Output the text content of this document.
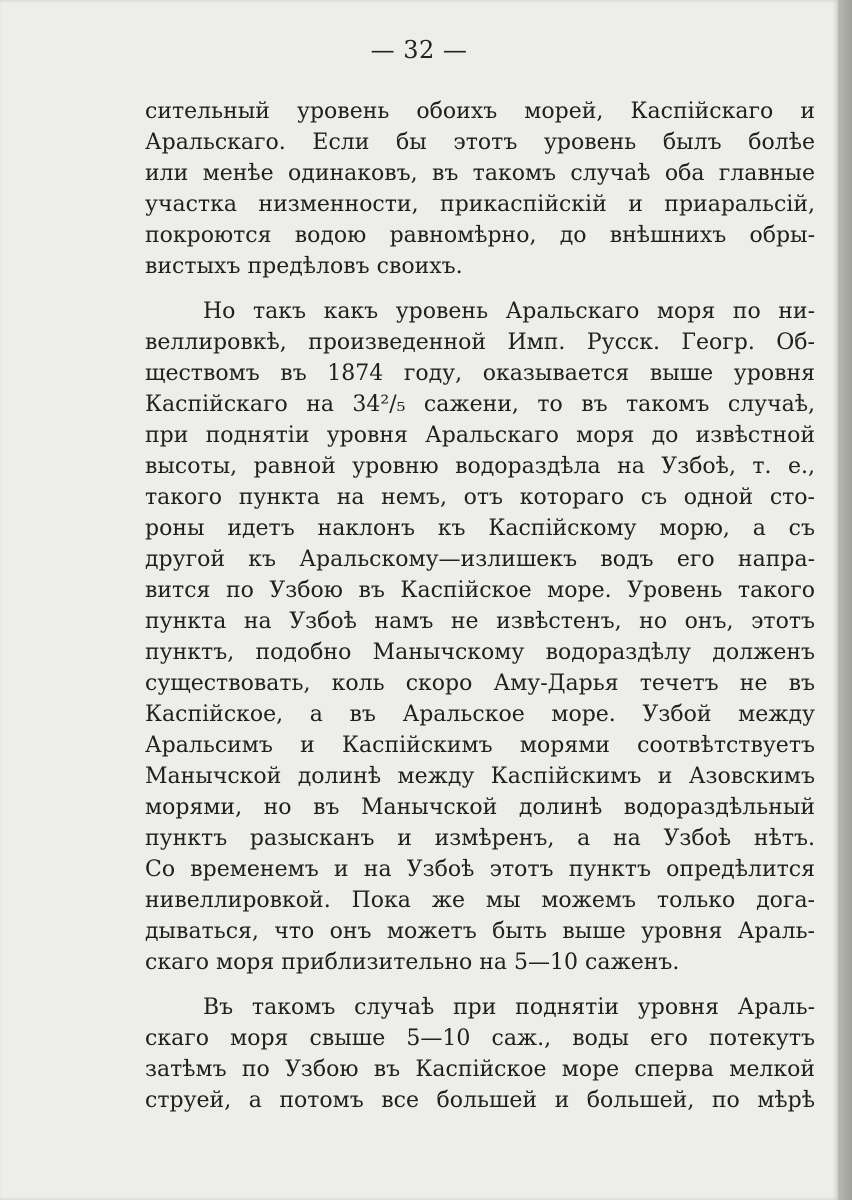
— 32 —
сительный уровень обоихъ морей, Каспійскаго и
Аральскаго. Если бы этотъ уровень былъ болѣе
или менѣе одинаковъ, въ такомъ случаѣ оба главные
участка низменности, прикаспійскій и приаральсій,
покроются водою равномѣрно, до внѣшнихъ обры-
вистыхъ предѣловъ своихъ.
Но такъ какъ уровень Аральскаго моря по ни-
веллировкѣ, произведенной Имп. Русск. Геогр. Об-
ществомъ въ 1874 году, оказывается выше уровня
Каспійскаго на 34²/₅ сажени, то въ такомъ случаѣ,
при поднятіи уровня Аральскаго моря до извѣстной
высоты, равной уровню водораздѣла на Узбоѣ, т. е.,
такого пункта на немъ, отъ котораго съ одной сто-
роны идетъ наклонъ къ Каспійскому морю, а съ
другой къ Аральскому—излишекъ водъ его напра-
вится по Узбою въ Каспійское море. Уровень такого
пункта на Узбоѣ намъ не извѣстенъ, но онъ, этотъ
пунктъ, подобно Манычскому водораздѣлу долженъ
существовать, коль скоро Аму-Дарья течетъ не въ
Каспійское, а въ Аральское море. Узбой между
Аральсимъ и Каспійскимъ морями соотвѣтствуетъ
Манычской долинѣ между Каспійскимъ и Азовскимъ
морями, но въ Манычской долинѣ водораздѣльный
пунктъ разысканъ и измѣренъ, а на Узбоѣ нѣтъ.
Со временемъ и на Узбоѣ этотъ пунктъ опредѣлится
нивеллировкой. Пока же мы можемъ только дога-
дываться, что онъ можетъ быть выше уровня Араль-
скаго моря приблизительно на 5—10 саженъ.
Въ такомъ случаѣ при поднятіи уровня Араль-
скаго моря свыше 5—10 саж., воды его потекутъ
затѣмъ по Узбою въ Каспійское море сперва мелкой
струей, а потомъ все большей и большей, по мѣрѣ
